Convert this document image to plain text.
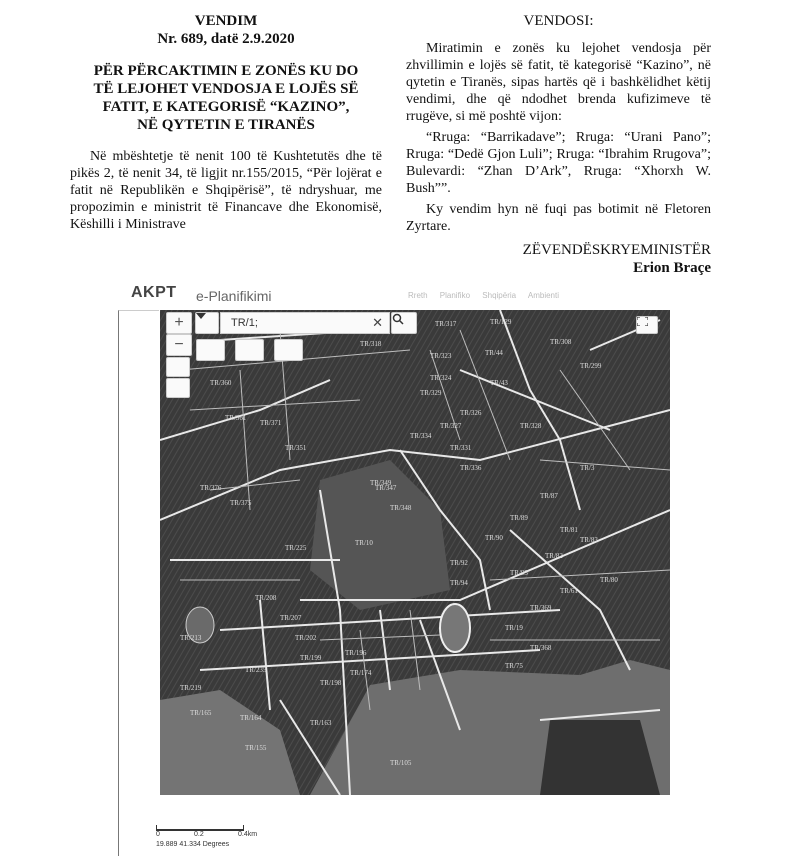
VENDIM
Nr. 689, datë 2.9.2020
PËR PËRCAKTIMIN E ZONËS KU DO
TË LEJOHET VENDOSJA E LOJËS SË
FATIT, E KATEGORISË “KAZINO”,
NË QYTETIN E TIRANËS

Në mbështetje të nenit 100 të Kushtetutës dhe të pikës 2, të nenit 34, të ligjit nr.155/2015, “Për lojërat e fatit në Republikën e Shqipërisë”, të ndryshuar, me propozimin e ministrit të Financave dhe Ekonomisë, Këshilli i Ministrave

VENDOSI:

Miratimin e zonës ku lejohet vendosja për zhvillimin e lojës së fatit, të kategorisë “Kazino”, në qytetin e Tiranës, sipas hartës që i bashkëlidhet këtij vendimi, dhe që ndodhet brenda kufizimeve të rrugëve, si më poshtë vijon:

“Rruga: “Barrikadave”; Rruga: “Urani Pano”; Rruga: “Dedë Gjon Luli”; Rruga: “Ibrahim Rrugova”; Bulevardi: “Zhan D’Ark”, Rruga: “Xhorxh W. Bush””.

Ky vendim hyn në fuqi pas botimit në Fletoren Zyrtare.

ZËVENDËSKRYEMINISTËR
Erion Braçe
AKPT e-Planifikimi	Rreth Planifiko Shqipëria Ambienti
TR/317	TR/129
TR/44
TR/299
TR/308
TR/318
TR/323
TR/324
TR/43
TR/329
TR/326
TR/327	TR/328
TR/331
TR/336
TR/334
TR/360
TR/361
TR/371
TR/376
TR/375
TR/347
TR/348
TR/349
TR/351
TR/10
TR/225
TR/87
TR/89
TR/81
TR/83
TR/82
TR/90
TR/92
TR/93
TR/94
TR/61
TR/80
TR/369
TR/19
TR/368
TR/75
TR/208
TR/207
TR/202
TR/199
TR/196
TR/174
TR/198
TR/235
TR/213
TR/219
TR/165
TR/164
TR/163
TR/155
TR/105
TR/3
+
−
TR/1;	✕
0	0.2	0.4km
19.889 41.334 Degrees
